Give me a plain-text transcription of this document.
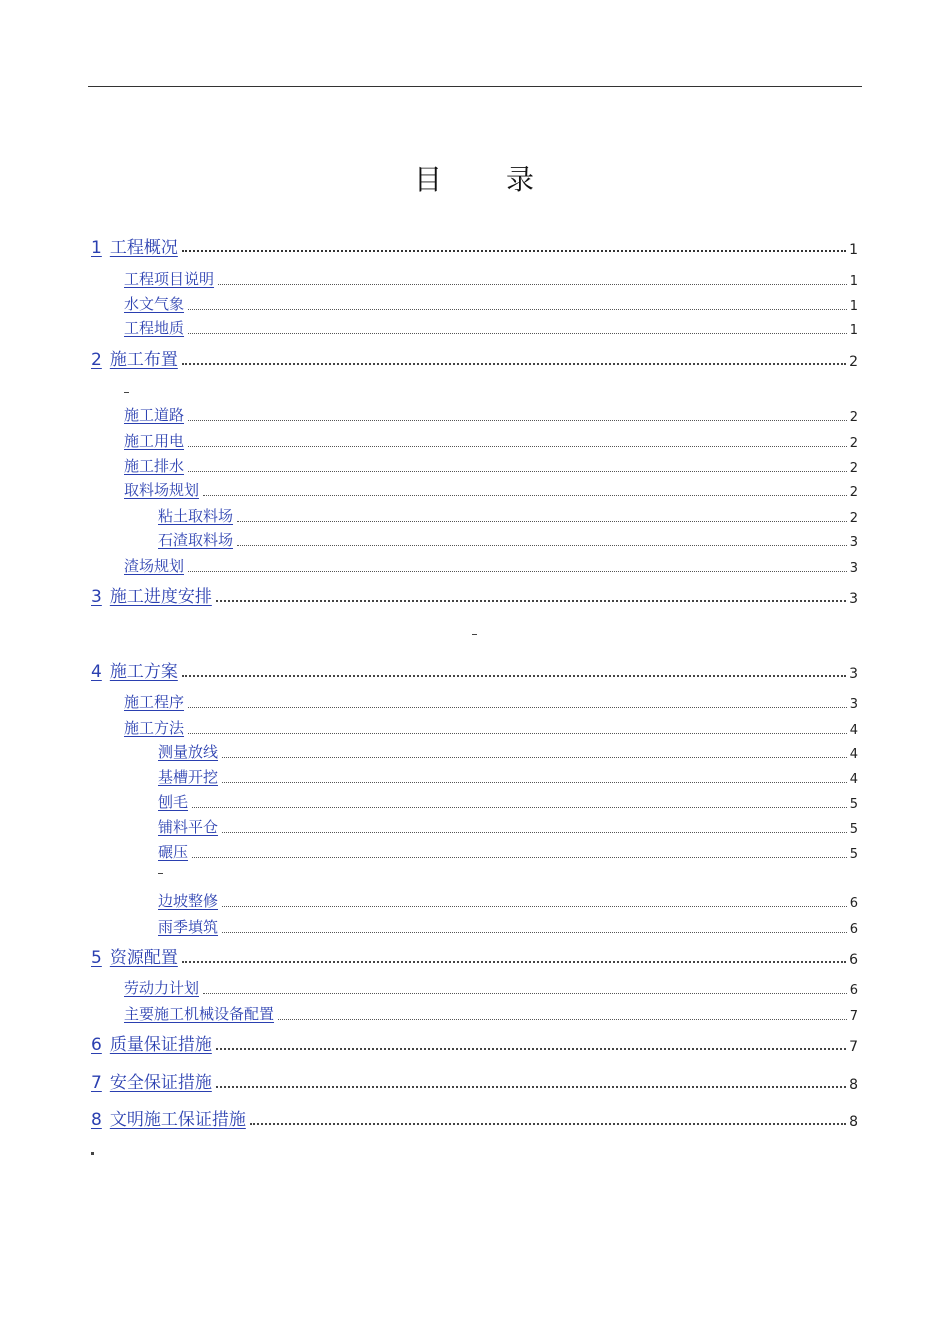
目 录
1 工程概况	1
工程项目说明	1
水文气象	1
工程地质	1
2 施工布置	2
施工道路	2
施工用电	2
施工排水	2
取料场规划	2
粘土取料场	2
石渣取料场	3
渣场规划	3
3 施工进度安排	3
4 施工方案	3
施工程序	3
施工方法	4
测量放线	4
基槽开挖	4
刨毛	5
铺料平仓	5
碾压	5
边坡整修	6
雨季填筑	6
5 资源配置	6
劳动力计划	6
主要施工机械设备配置	7
6 质量保证措施	7
7 安全保证措施	8
8 文明施工保证措施	8
